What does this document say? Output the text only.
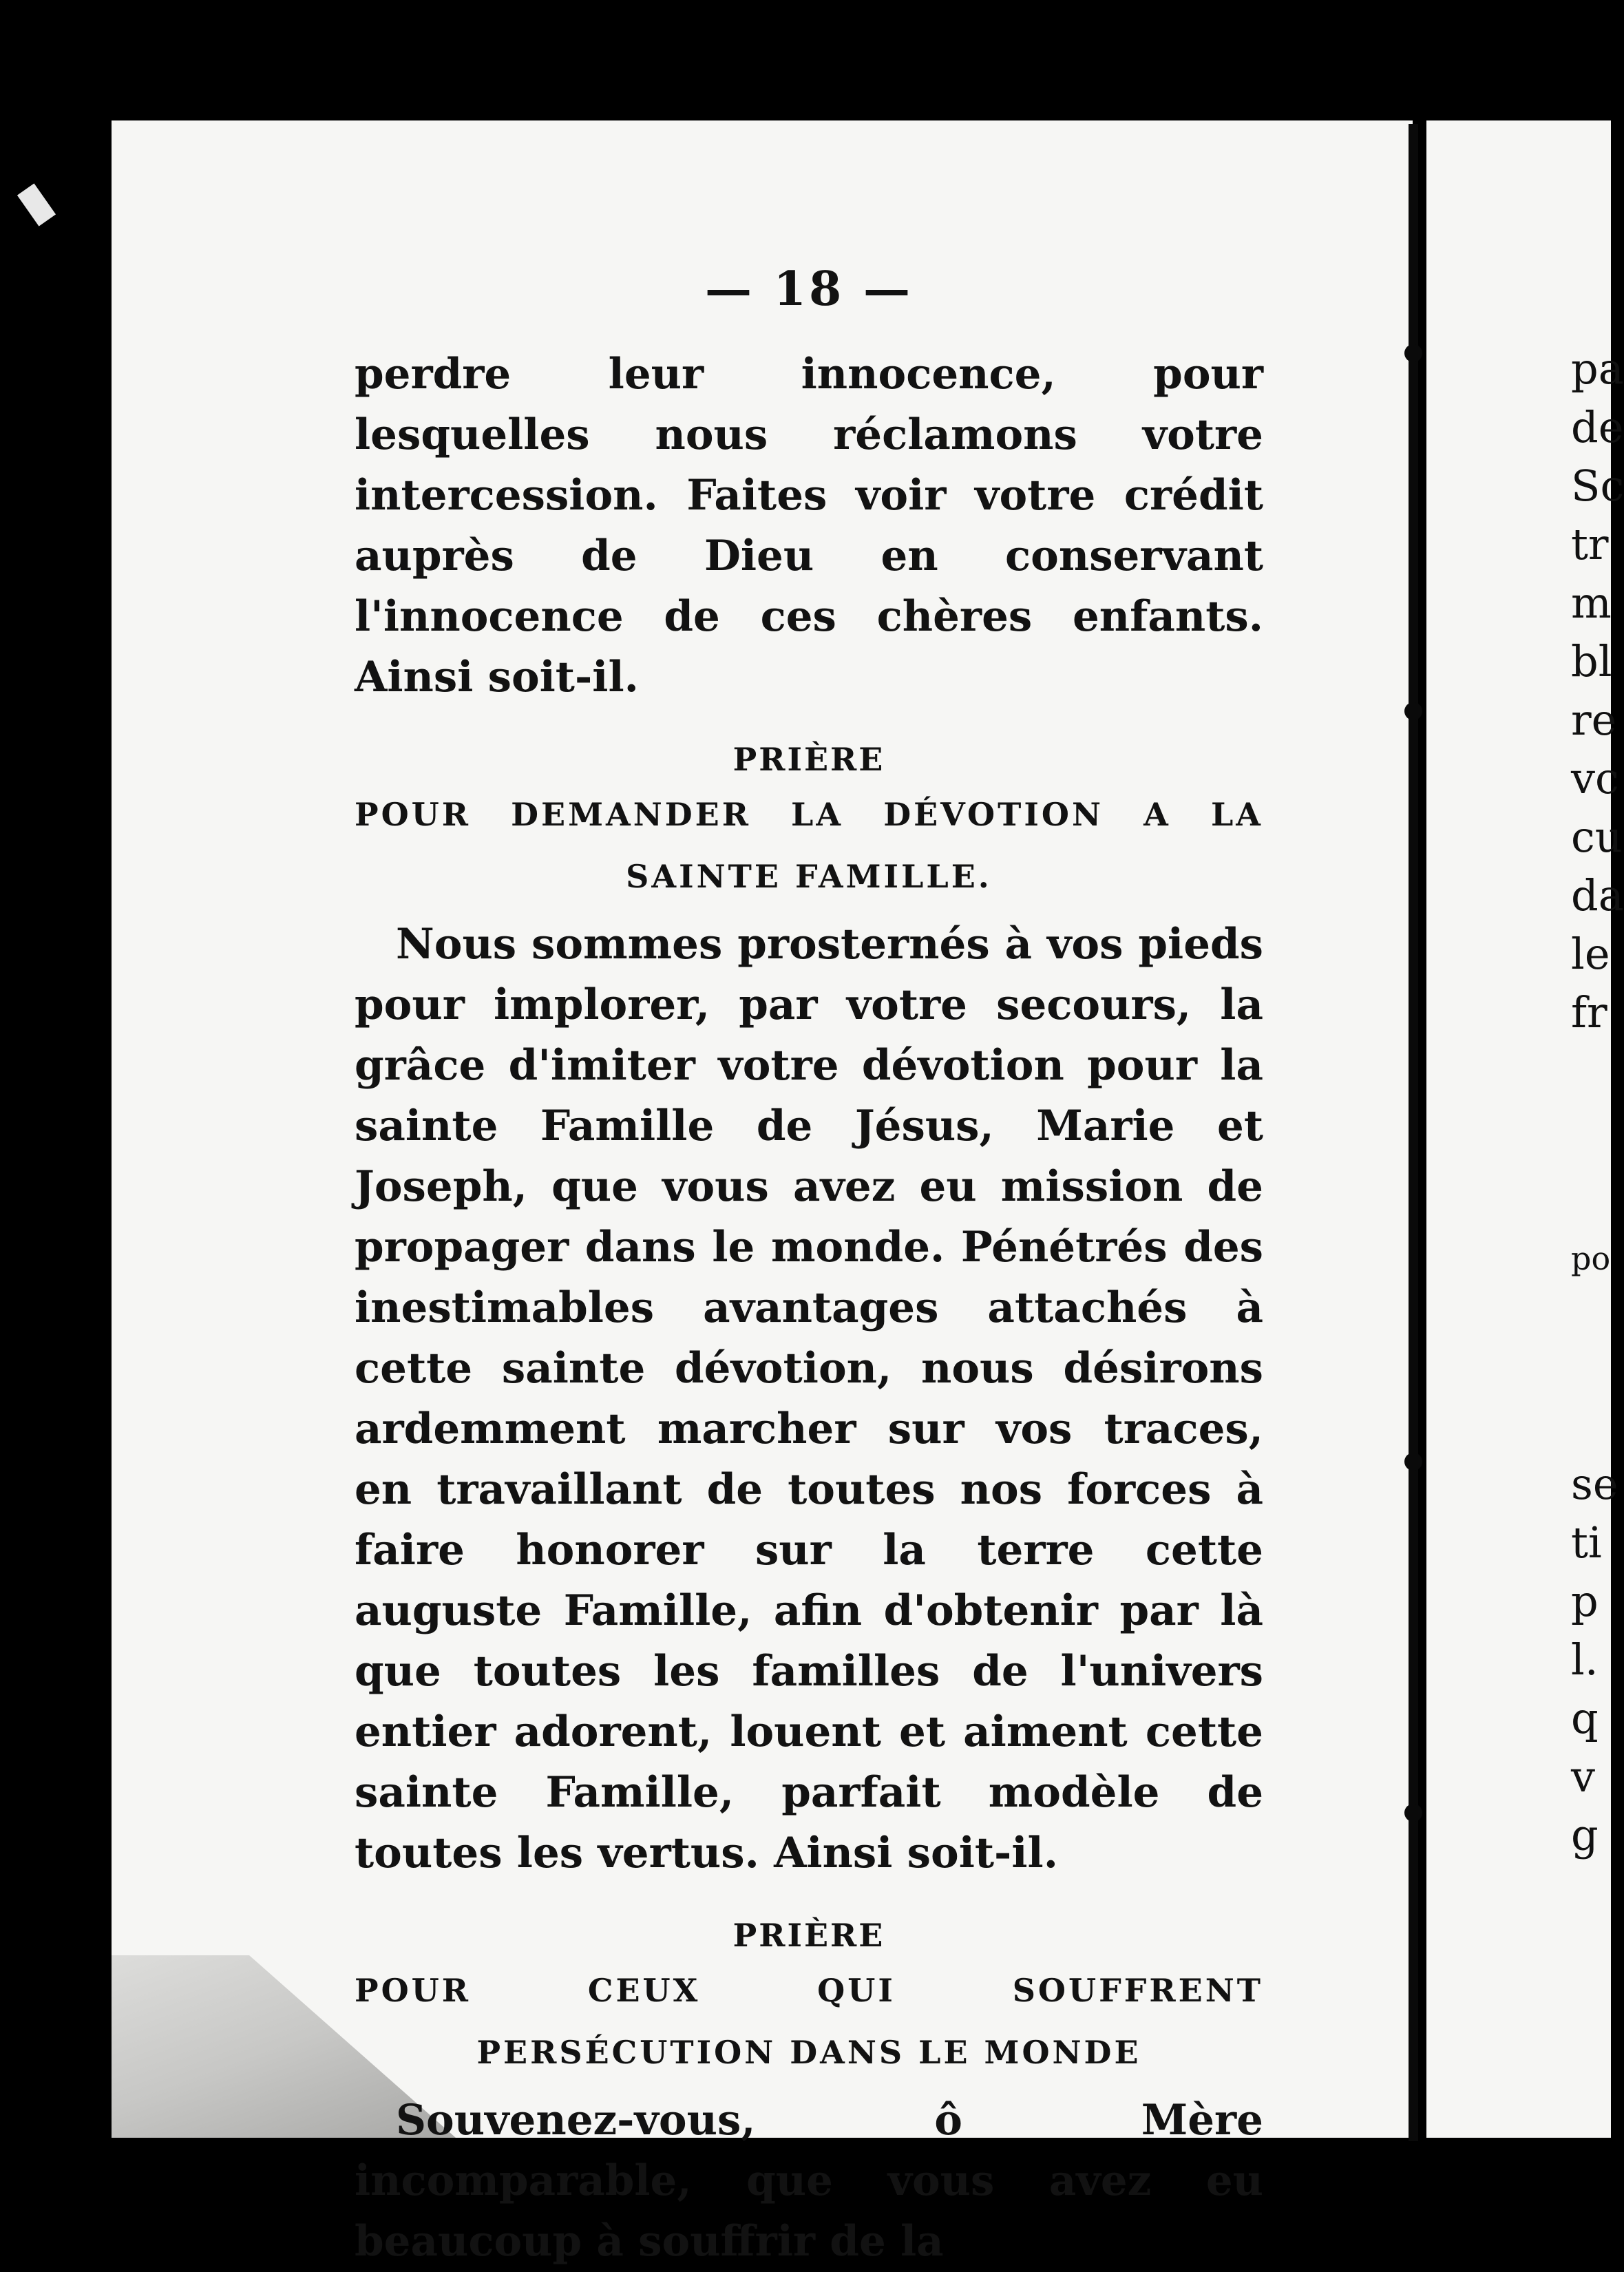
pa
de
Sc
tr
m
bl
re
vc
cu
da
le
fr
po
se
ti
p
l.
q
v
g
— 18 —

perdre leur innocence, pour lesquelles nous réclamons votre intercession. Faites voir votre crédit auprès de Dieu en conservant l'innocence de ces chères enfants. Ainsi soit-il.

PRIÈRE
POUR DEMANDER LA DÉVOTION A LA SAINTE FAMILLE.

Nous sommes prosternés à vos pieds pour implorer, par votre secours, la grâce d'imiter votre dévotion pour la sainte Famille de Jésus, Marie et Joseph, que vous avez eu mission de propager dans le monde. Pénétrés des inestimables avantages attachés à cette sainte dévotion, nous désirons ardemment marcher sur vos traces, en travaillant de toutes nos forces à faire honorer sur la terre cette auguste Famille, afin d'obtenir par là que toutes les familles de l'univers entier adorent, louent et aiment cette sainte Famille, parfait modèle de toutes les vertus. Ainsi soit-il.

PRIÈRE
POUR CEUX QUI SOUFFRENT PERSÉCUTION DANS LE MONDE

Souvenez-vous, ô Mère incomparable, que vous avez eu beaucoup à souffrir de la
